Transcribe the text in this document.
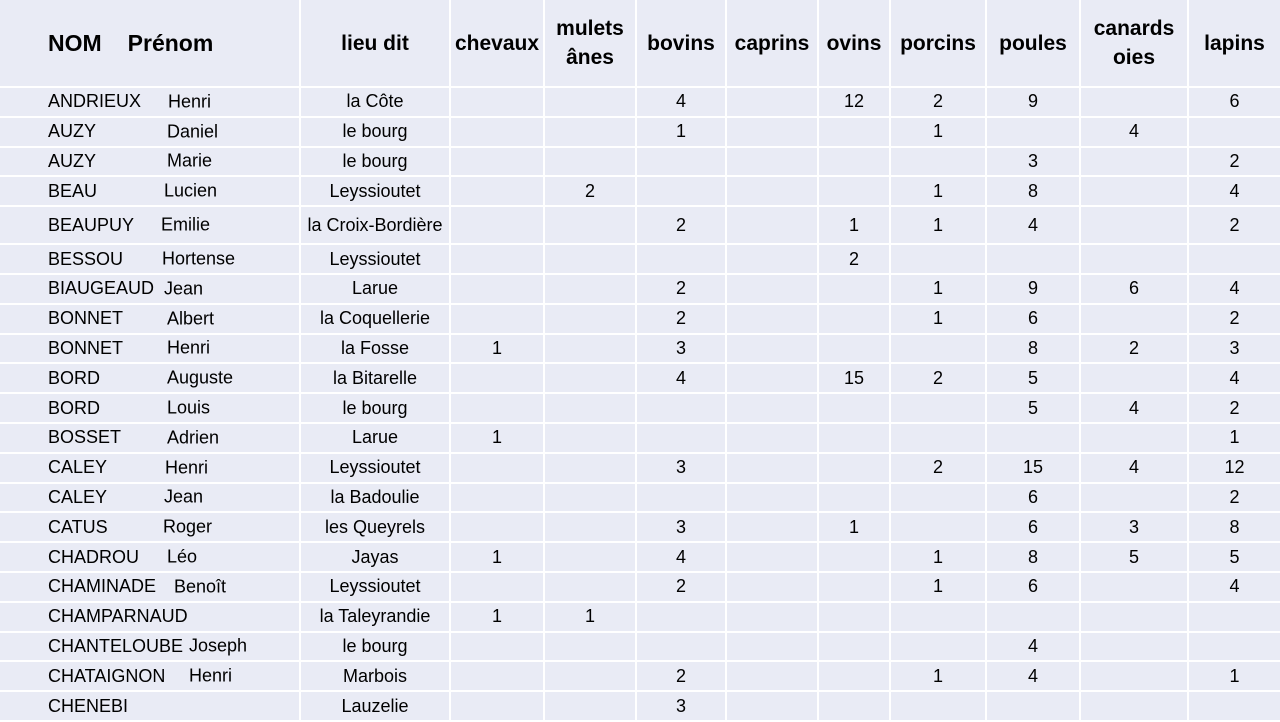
NOM Prénom	lieu dit	chevaux	mulets ânes	bovins	caprins	ovins	porcins	poules	canards oies	lapins
ANDRIEUX Henri	la Côte			4		12	2	9		6
AUZY Daniel	le bourg			1			1		4	
AUZY Marie	le bourg							3		2
BEAU Lucien	Leyssioutet		2				1	8		4
BEAUPUY Emilie	la Croix-Bordière			2		1	1	4		2
BESSOU Hortense	Leyssioutet					2				
BIAUGEAUD Jean	Larue			2			1	9	6	4
BONNET Albert	la Coquellerie			2			1	6		2
BONNET Henri	la Fosse	1		3				8	2	3
BORD Auguste	la Bitarelle			4		15	2	5		4
BORD Louis	le bourg							5	4	2
BOSSET Adrien	Larue	1								1
CALEY Henri	Leyssioutet			3			2	15	4	12
CALEY Jean	la Badoulie							6		2
CATUS Roger	les Queyrels			3		1		6	3	8
CHADROU Léo	Jayas	1		4			1	8	5	5
CHAMINADE Benoît	Leyssioutet			2			1	6		4
CHAMPARNAUD	la Taleyrandie	1	1							
CHANTELOUBE Joseph	le bourg							4		
CHATAIGNON Henri	Marbois			2			1	4		1
CHENEBI	Lauzelie			3						
